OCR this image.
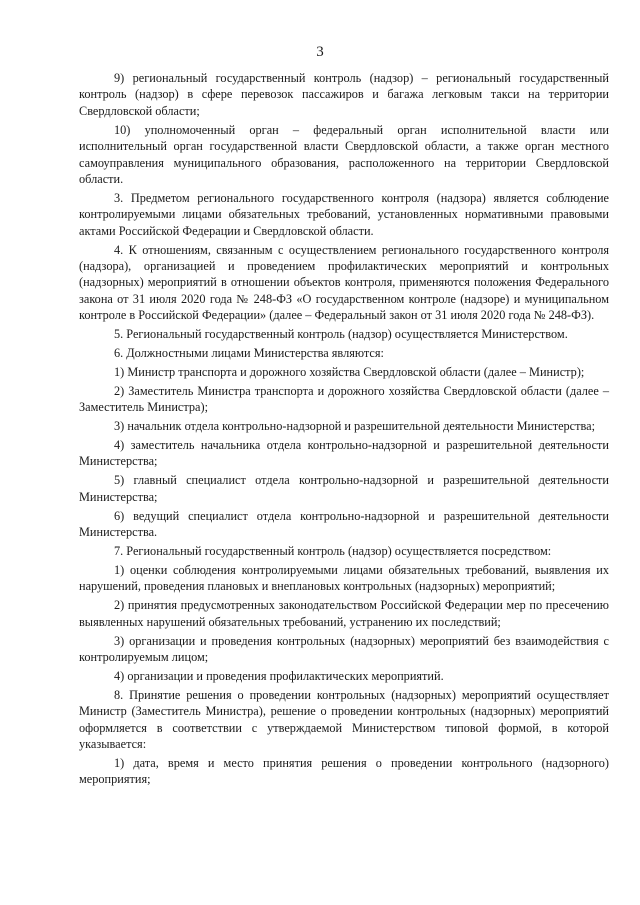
3

9) региональный государственный контроль (надзор) – региональный государственный контроль (надзор) в сфере перевозок пассажиров и багажа легковым такси на территории Свердловской области;

10) уполномоченный орган – федеральный орган исполнительной власти или исполнительный орган государственной власти Свердловской области, а также орган местного самоуправления муниципального образования, расположенного на территории Свердловской области.

3. Предметом регионального государственного контроля (надзора) является соблюдение контролируемыми лицами обязательных требований, установленных нормативными правовыми актами Российской Федерации и Свердловской области.

4. К отношениям, связанным с осуществлением регионального государственного контроля (надзора), организацией и проведением профилактических мероприятий и контрольных (надзорных) мероприятий в отношении объектов контроля, применяются положения Федерального закона от 31 июля 2020 года № 248-ФЗ «О государственном контроле (надзоре) и муниципальном контроле в Российской Федерации» (далее – Федеральный закон от 31 июля 2020 года № 248-ФЗ).

5. Региональный государственный контроль (надзор) осуществляется Министерством.

6. Должностными лицами Министерства являются:

1) Министр транспорта и дорожного хозяйства Свердловской области (далее – Министр);

2) Заместитель Министра транспорта и дорожного хозяйства Свердловской области (далее – Заместитель Министра);

3) начальник отдела контрольно-надзорной и разрешительной деятельности Министерства;

4) заместитель начальника отдела контрольно-надзорной и разрешительной деятельности Министерства;

5) главный специалист отдела контрольно-надзорной и разрешительной деятельности Министерства;

6) ведущий специалист отдела контрольно-надзорной и разрешительной деятельности Министерства.

7. Региональный государственный контроль (надзор) осуществляется посредством:

1) оценки соблюдения контролируемыми лицами обязательных требований, выявления их нарушений, проведения плановых и внеплановых контрольных (надзорных) мероприятий;

2) принятия предусмотренных законодательством Российской Федерации мер по пресечению выявленных нарушений обязательных требований, устранению их последствий;

3) организации и проведения контрольных (надзорных) мероприятий без взаимодействия с контролируемым лицом;

4) организации и проведения профилактических мероприятий.

8. Принятие решения о проведении контрольных (надзорных) мероприятий осуществляет Министр (Заместитель Министра), решение о проведении контрольных (надзорных) мероприятий оформляется в соответствии с утверждаемой Министерством типовой формой, в которой указывается:

1) дата, время и место принятия решения о проведении контрольного (надзорного) мероприятия;
